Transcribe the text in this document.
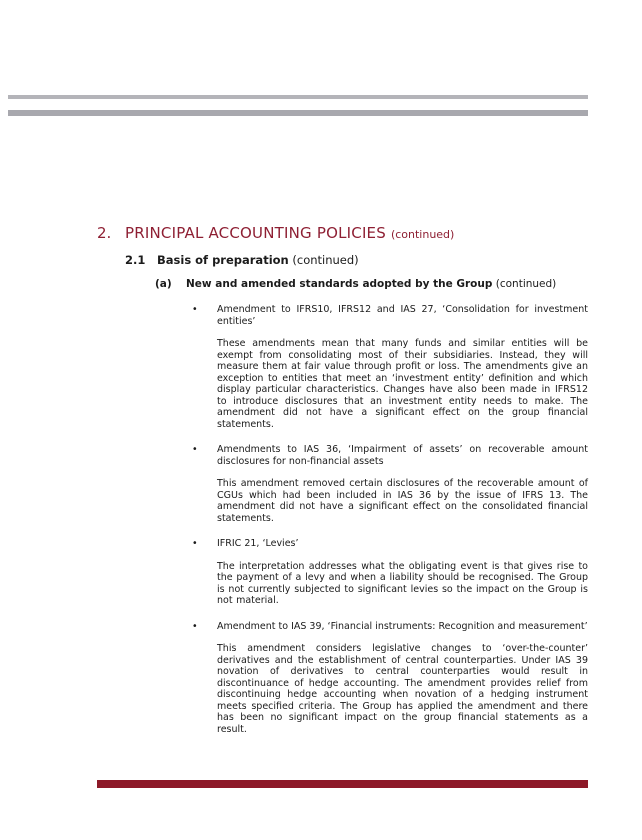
2. PRINCIPAL ACCOUNTING POLICIES (continued)
2.1	Basis of preparation (continued)
(a)	New and amended standards adopted by the Group (continued)
•	Amendment to IFRS10, IFRS12 and IAS 27, ‘Consolidation for investment entities’

These amendments mean that many funds and similar entities will be exempt from consolidating most of their subsidiaries. Instead, they will measure them at fair value through profit or loss. The amendments give an exception to entities that meet an ‘investment entity’ definition and which display particular characteristics. Changes have also been made in IFRS12 to introduce disclosures that an investment entity needs to make. The amendment did not have a significant effect on the group financial statements.

•	Amendments to IAS 36, ‘Impairment of assets’ on recoverable amount disclosures for non-financial assets

This amendment removed certain disclosures of the recoverable amount of CGUs which had been included in IAS 36 by the issue of IFRS 13. The amendment did not have a significant effect on the consolidated financial statements.

•	IFRIC 21, ‘Levies’

The interpretation addresses what the obligating event is that gives rise to the payment of a levy and when a liability should be recognised. The Group is not currently subjected to significant levies so the impact on the Group is not material.

•	Amendment to IAS 39, ‘Financial instruments: Recognition and measurement’

This amendment considers legislative changes to ‘over-the-counter’ derivatives and the establishment of central counterparties. Under IAS 39 novation of derivatives to central counterparties would result in discontinuance of hedge accounting. The amendment provides relief from discontinuing hedge accounting when novation of a hedging instrument meets specified criteria. The Group has applied the amendment and there has been no significant impact on the group financial statements as a result.
